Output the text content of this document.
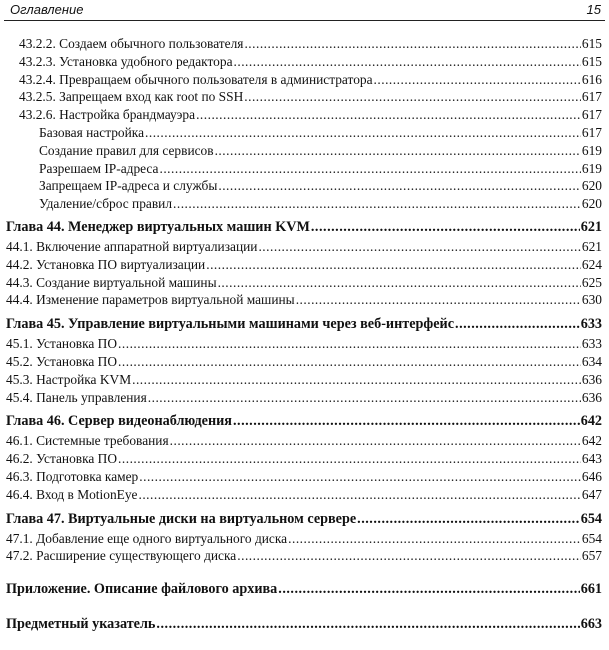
Оглавление	15
43.2.2. Создаем обычного пользователя .....	615
43.2.3. Установка удобного редактора .....	615
43.2.4. Превращаем обычного пользователя в администратора .....	616
43.2.5. Запрещаем вход как root по SSH .....	617
43.2.6. Настройка брандмауэра .....	617
Базовая настройка .....	617
Создание правил для сервисов .....	619
Разрешаем IP-адреса .....	619
Запрещаем IP-адреса и службы .....	620
Удаление/сброс правил .....	620
Глава 44. Менеджер виртуальных машин KVM .....	621
44.1. Включение аппаратной виртуализации .....	621
44.2. Установка ПО виртуализации .....	624
44.3. Создание виртуальной машины .....	625
44.4. Изменение параметров виртуальной машины .....	630
Глава 45. Управление виртуальными машинами через веб-интерфейс .....	633
45.1. Установка ПО .....	633
45.2. Установка ПО .....	634
45.3. Настройка KVM .....	636
45.4. Панель управления .....	636
Глава 46. Сервер видеонаблюдения .....	642
46.1. Системные требования .....	642
46.2. Установка ПО .....	643
46.3. Подготовка камер .....	646
46.4. Вход в MotionEye .....	647
Глава 47. Виртуальные диски на виртуальном сервере .....	654
47.1. Добавление еще одного виртуального диска .....	654
47.2. Расширение существующего диска .....	657
Приложение. Описание файлового архива .....	661
Предметный указатель .....	663
